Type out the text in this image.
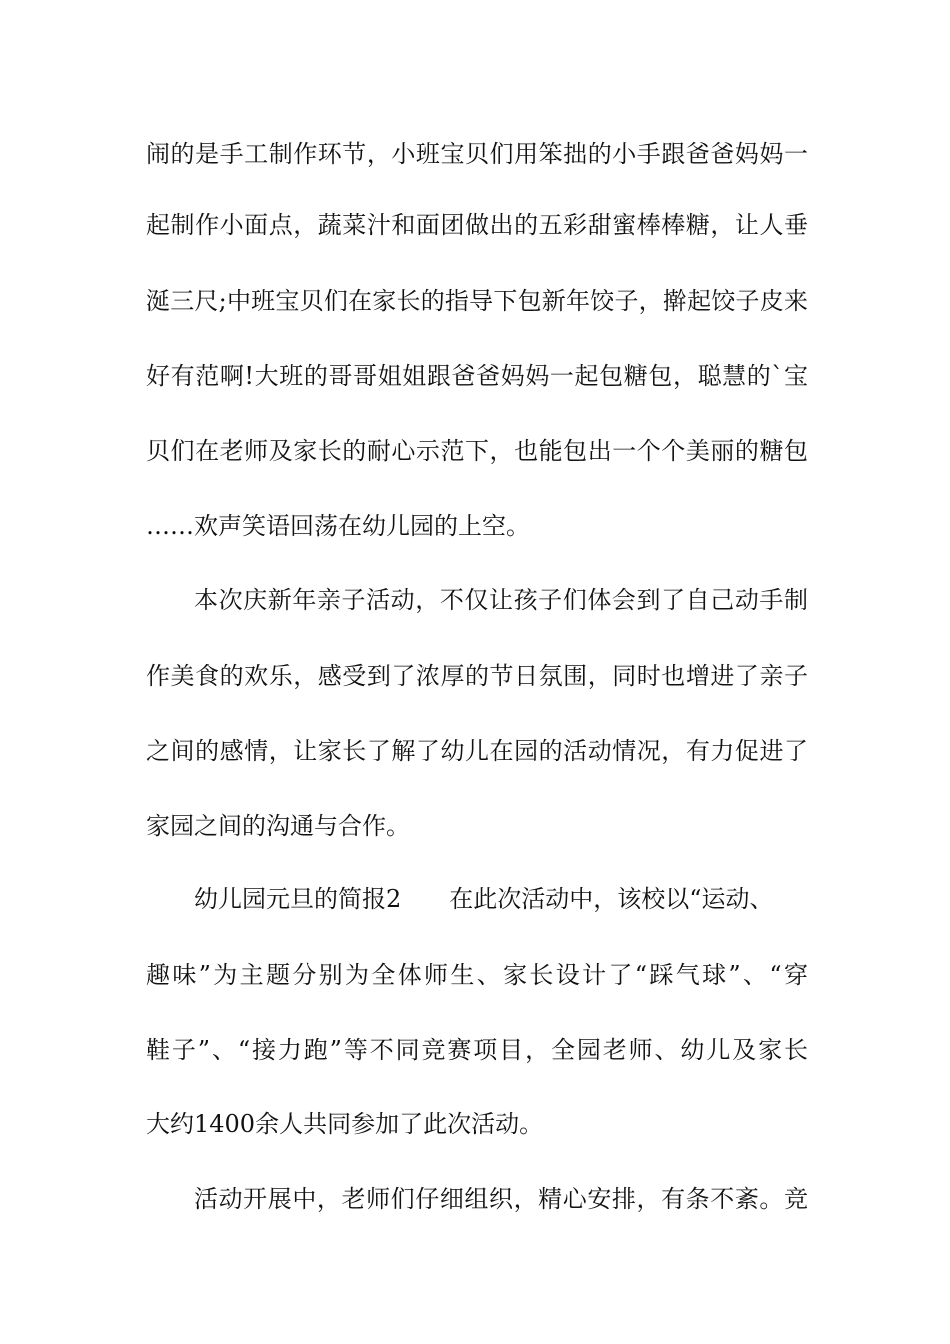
闹的是手工制作环节，小班宝贝们用笨拙的小手跟爸爸妈妈一
起制作小面点，蔬菜汁和面团做出的五彩甜蜜棒棒糖，让人垂
涎三尺;中班宝贝们在家长的指导下包新年饺子，擀起饺子皮来
好有范啊!大班的哥哥姐姐跟爸爸妈妈一起包糖包，聪慧的`宝
贝们在老师及家长的耐心示范下，也能包出一个个美丽的糖包
……欢声笑语回荡在幼儿园的上空。
本次庆新年亲子活动，不仅让孩子们体会到了自己动手制
作美食的欢乐，感受到了浓厚的节日氛围，同时也增进了亲子
之间的感情，让家长了解了幼儿在园的活动情况，有力促进了
家园之间的沟通与合作。
幼儿园元旦的简报2　　在此次活动中，该校以“运动、
趣味”为主题分别为全体师生、家长设计了“踩气球”、“穿
鞋子”、“接力跑”等不同竞赛项目，全园老师、幼儿及家长
大约1400余人共同参加了此次活动。
活动开展中，老师们仔细组织，精心安排，有条不紊。竞
